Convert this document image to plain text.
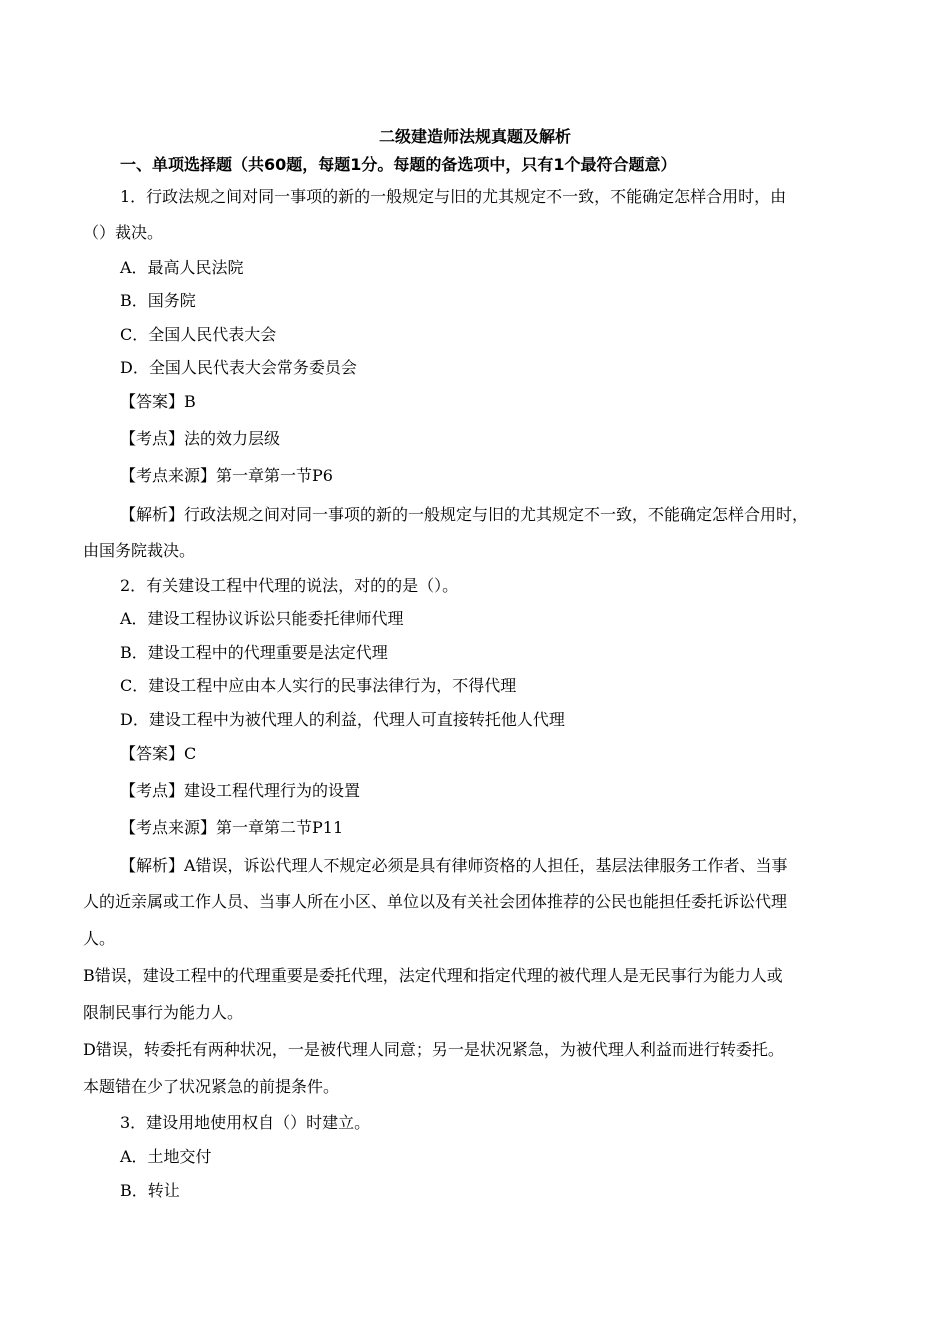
二级建造师法规真题及解析
一、单项选择题（共60题，每题1分。每题的备选项中，只有1个最符合题意）
1．行政法规之间对同一事项的新的一般规定与旧的尤其规定不一致，不能确定怎样合用时，由
（）裁决。
A．最高人民法院
B．国务院
C．全国人民代表大会
D．全国人民代表大会常务委员会
【答案】B
【考点】法的效力层级
【考点来源】第一章第一节P6
【解析】行政法规之间对同一事项的新的一般规定与旧的尤其规定不一致，不能确定怎样合用时，
由国务院裁决。
2．有关建设工程中代理的说法，对的的是（）。
A．建设工程协议诉讼只能委托律师代理
B．建设工程中的代理重要是法定代理
C．建设工程中应由本人实行的民事法律行为，不得代理
D．建设工程中为被代理人的利益，代理人可直接转托他人代理
【答案】C
【考点】建设工程代理行为的设置
【考点来源】第一章第二节P11
【解析】A错误，诉讼代理人不规定必须是具有律师资格的人担任，基层法律服务工作者、当事
人的近亲属或工作人员、当事人所在小区、单位以及有关社会团体推荐的公民也能担任委托诉讼代理
人。
B错误，建设工程中的代理重要是委托代理，法定代理和指定代理的被代理人是无民事行为能力人或
限制民事行为能力人。
D错误，转委托有两种状况，一是被代理人同意；另一是状况紧急，为被代理人利益而进行转委托。
本题错在少了状况紧急的前提条件。
3．建设用地使用权自（）时建立。
A．土地交付
B．转让
